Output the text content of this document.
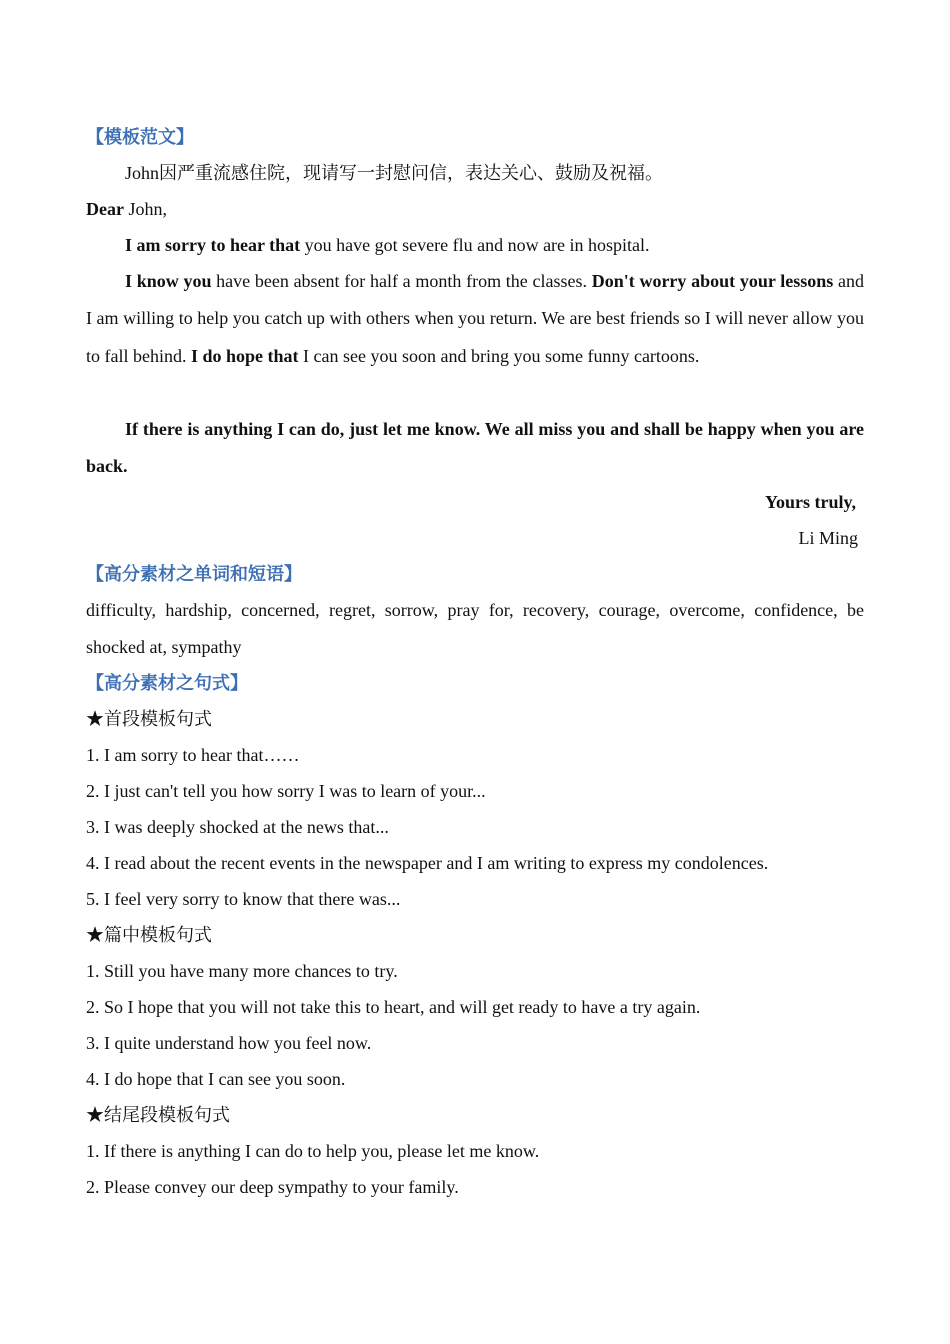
【模板范文】
John因严重流感住院，现请写一封慰问信，表达关心、鼓励及祝福。
Dear John,
I am sorry to hear that you have got severe flu and now are in hospital.
I know you have been absent for half a month from the classes. Don't worry about your lessons and I am willing to help you catch up with others when you return. We are best friends so I will never allow you to fall behind. I do hope that I can see you soon and bring you some funny cartoons.
If there is anything I can do, just let me know. We all miss you and shall be happy when you are back.
Yours truly,
Li Ming
【高分素材之单词和短语】
difficulty, hardship, concerned, regret, sorrow, pray for, recovery, courage, overcome, confidence, be shocked at, sympathy
【高分素材之句式】
★首段模板句式
1. I am sorry to hear that……
2. I just can't tell you how sorry I was to learn of your...
3. I was deeply shocked at the news that...
4. I read about the recent events in the newspaper and I am writing to express my condolences.
5. I feel very sorry to know that there was...
★篇中模板句式
1. Still you have many more chances to try.
2. So I hope that you will not take this to heart, and will get ready to have a try again.
3. I quite understand how you feel now.
4. I do hope that I can see you soon.
★结尾段模板句式
1. If there is anything I can do to help you, please let me know.
2. Please convey our deep sympathy to your family.
